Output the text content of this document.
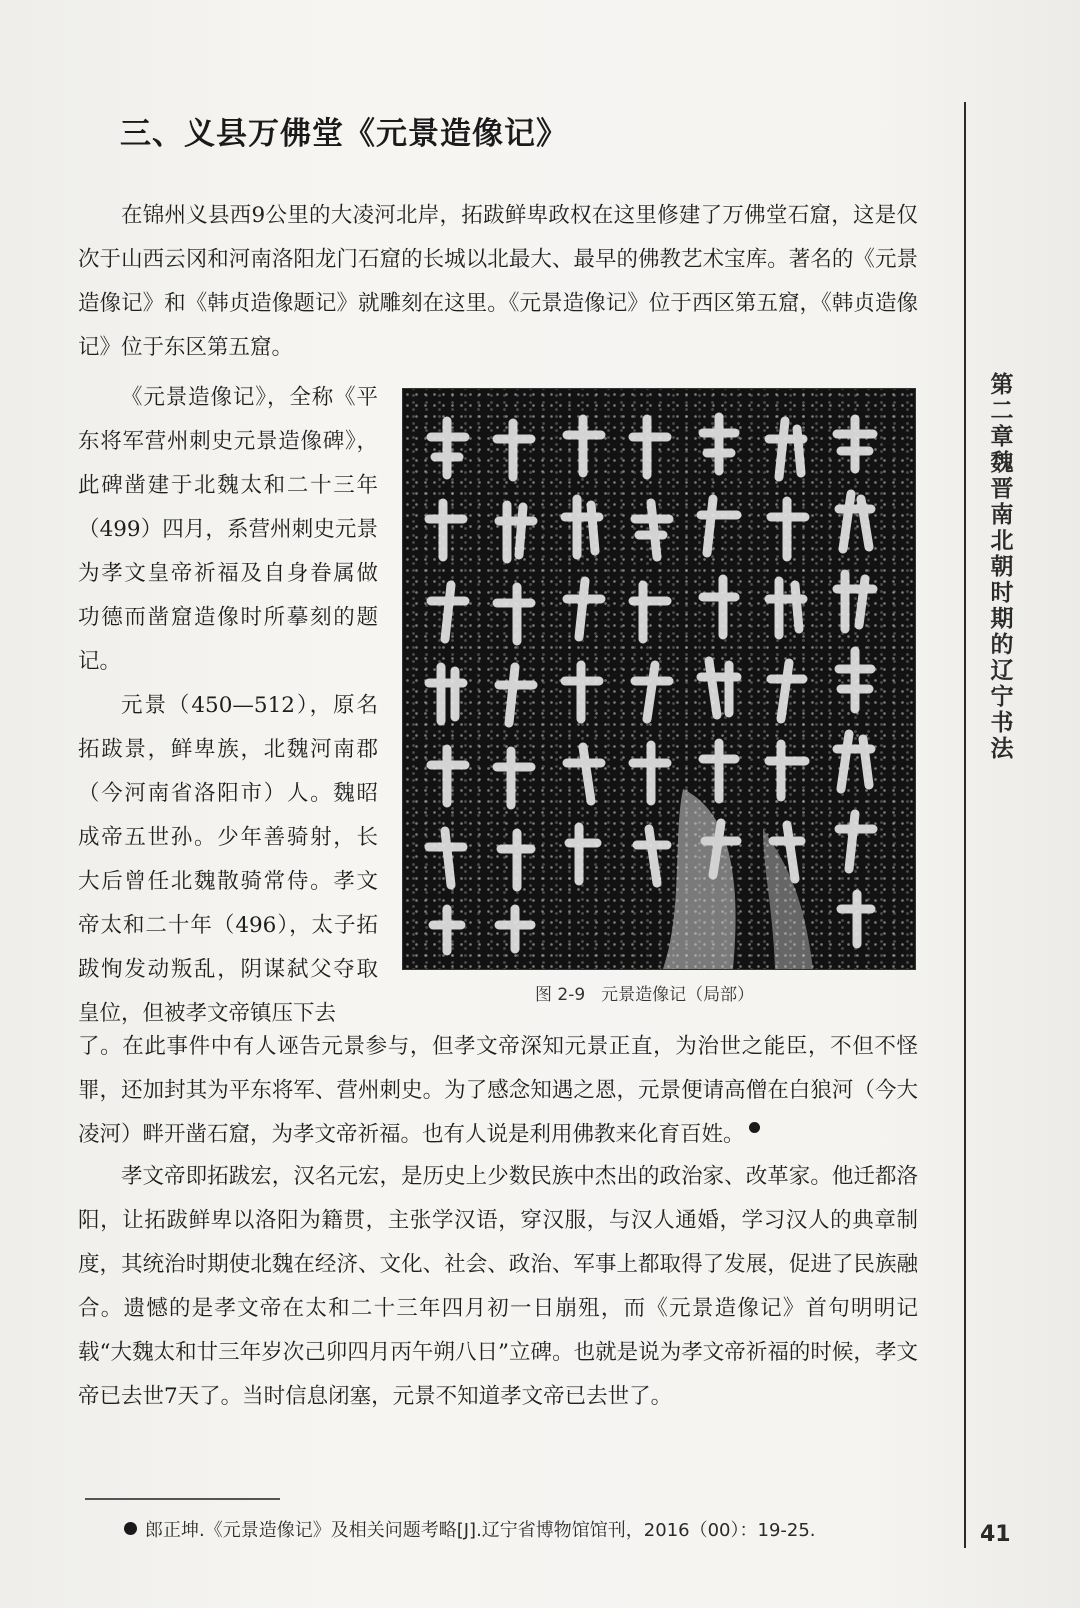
三、义县万佛堂《元景造像记》

在锦州义县西9公里的大凌河北岸，拓跋鲜卑政权在这里修建了万佛堂石窟，这是仅次于山西云冈和河南洛阳龙门石窟的长城以北最大、最早的佛教艺术宝库。著名的《元景造像记》和《韩贞造像题记》就雕刻在这里。《元景造像记》位于西区第五窟，《韩贞造像记》位于东区第五窟。

《元景造像记》，全称《平东将军营州刺史元景造像碑》，此碑凿建于北魏太和二十三年（499）四月，系营州刺史元景为孝文皇帝祈福及自身眷属做功德而凿窟造像时所摹刻的题记。

元景（450—512），原名拓跋景，鲜卑族，北魏河南郡（今河南省洛阳市）人。魏昭成帝五世孙。少年善骑射，长大后曾任北魏散骑常侍。孝文帝太和二十年（496），太子拓跋恂发动叛乱，阴谋弑父夺取皇位，但被孝文帝镇压下去

图 2-9 元景造像记（局部）

了。在此事件中有人诬告元景参与，但孝文帝深知元景正直，为治世之能臣，不但不怪罪，还加封其为平东将军、营州刺史。为了感念知遇之恩，元景便请高僧在白狼河（今大凌河）畔开凿石窟，为孝文帝祈福。也有人说是利用佛教来化育百姓。

孝文帝即拓跋宏，汉名元宏，是历史上少数民族中杰出的政治家、改革家。他迁都洛阳，让拓跋鲜卑以洛阳为籍贯，主张学汉语，穿汉服，与汉人通婚，学习汉人的典章制度，其统治时期使北魏在经济、文化、社会、政治、军事上都取得了发展，促进了民族融合。遗憾的是孝文帝在太和二十三年四月初一日崩殂，而《元景造像记》首句明明记载“大魏太和廿三年岁次己卯四月丙午朔八日”立碑。也就是说为孝文帝祈福的时候，孝文帝已去世7天了。当时信息闭塞，元景不知道孝文帝已去世了。

第二章
魏晋南北朝时期的辽宁书法
郎正坤.《元景造像记》及相关问题考略[J].辽宁省博物馆馆刊，2016（00）：19-25.	41
